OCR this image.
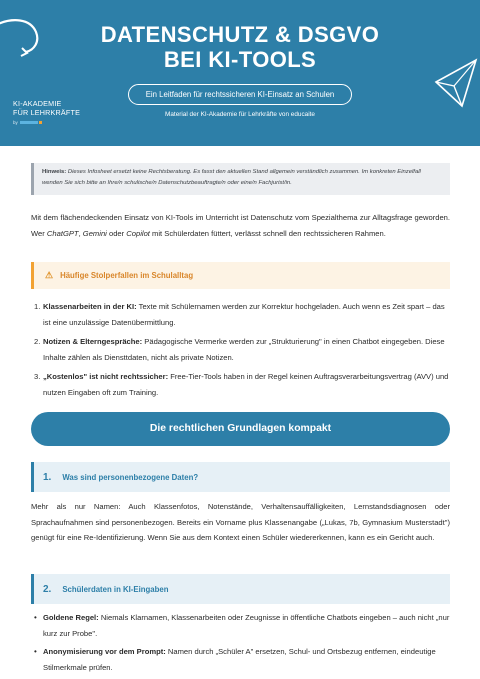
KI-AKADEMIE
FÜR LEHRKRÄFTE
by
DATENSCHUTZ & DSGVO
BEI KI-TOOLS
Ein Leitfaden für rechtssicheren KI-Einsatz an Schulen
Material der KI-Akademie für Lehrkräfte von educaite
Hinweis: Dieses Infosheet ersetzt keine Rechtsberatung. Es fasst den aktuellen Stand allgemein verständlich zusammen. Im konkreten Einzelfall wenden Sie sich bitte an Ihre/n schulische/n Datenschutzbeauftragte/n oder eine/n Fachjurist/in.
Mit dem flächendeckenden Einsatz von KI-Tools im Unterricht ist Datenschutz vom Spezialthema zur Alltagsfrage geworden. Wer ChatGPT, Gemini oder Copilot mit Schülerdaten füttert, verlässt schnell den rechtssicheren Rahmen.
⚠ Häufige Stolperfallen im Schulalltag
1. Klassenarbeiten in der KI: Texte mit Schülernamen werden zur Korrektur hochgeladen. Auch wenn es Zeit spart – das ist eine unzulässige Datenübermittlung.
2. Notizen & Elterngespräche: Pädagogische Vermerke werden zur „Strukturierung" in einen Chatbot eingegeben. Diese Inhalte zählen als Diensttdaten, nicht als private Notizen.
3. „Kostenlos" ist nicht rechtssicher: Free-Tier-Tools haben in der Regel keinen Auftragsverarbeitungsvertrag (AVV) und nutzen Eingaben oft zum Training.
Die rechtlichen Grundlagen kompakt
1. Was sind personenbezogene Daten?
Mehr als nur Namen: Auch Klassenfotos, Notenstände, Verhaltensauffälligkeiten, Lernstandsdiagnosen oder Sprachaufnahmen sind personenbezogen. Bereits ein Vorname plus Klassenangabe („Lukas, 7b, Gymnasium Musterstadt") genügt für eine Re-Identifizierung. Wenn Sie aus dem Kontext einen Schüler wiedererkennen, kann es ein Gericht auch.
2. Schülerdaten in KI-Eingaben
• Goldene Regel: Niemals Klarnamen, Klassenarbeiten oder Zeugnisse in öffentliche Chatbots eingeben – auch nicht „nur kurz zur Probe".
• Anonymisierung vor dem Prompt: Namen durch „Schüler A" ersetzen, Schul- und Ortsbezug entfernen, eindeutige Stilmerkmale prüfen.
